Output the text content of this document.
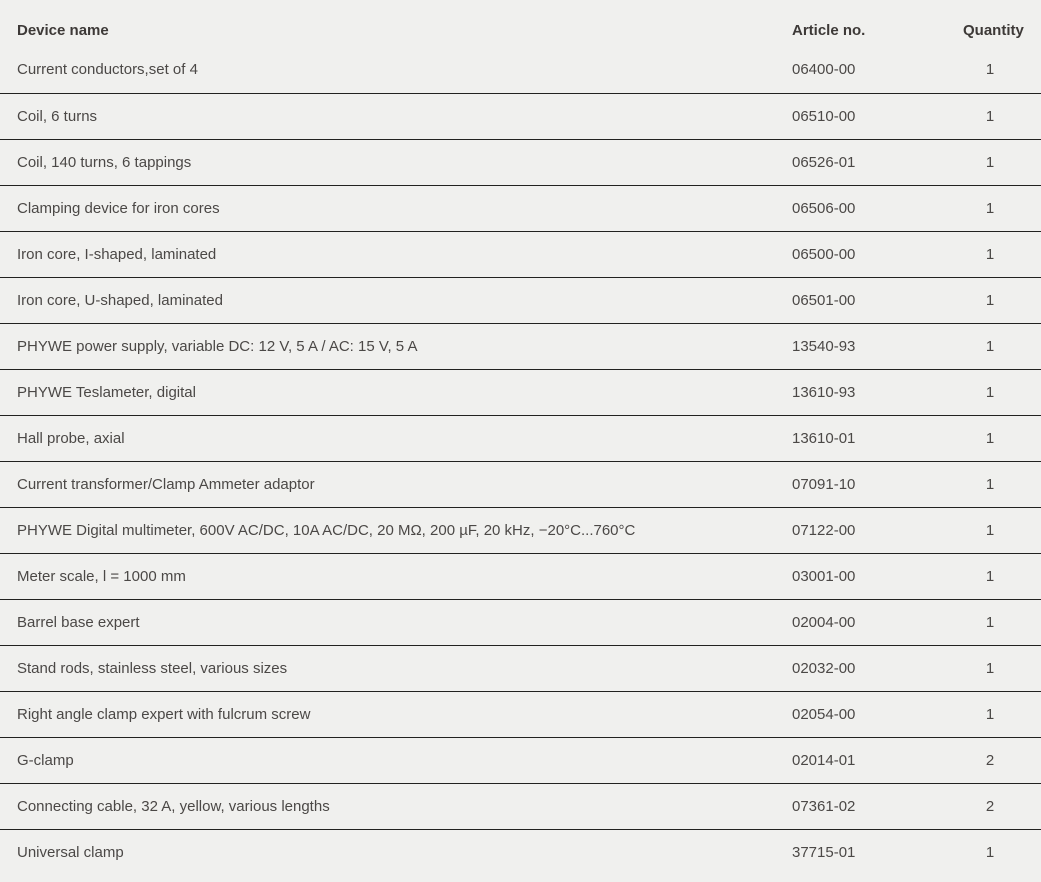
Device name	Article no.	Quantity
Current conductors,set of 4	06400-00	1
Coil, 6 turns	06510-00	1
Coil, 140 turns, 6 tappings	06526-01	1
Clamping device for iron cores	06506-00	1
Iron core, I-shaped, laminated	06500-00	1
Iron core, U-shaped, laminated	06501-00	1
PHYWE power supply, variable DC: 12 V, 5 A / AC: 15 V, 5 A	13540-93	1
PHYWE Teslameter, digital	13610-93	1
Hall probe, axial	13610-01	1
Current transformer/Clamp Ammeter adaptor	07091-10	1
PHYWE Digital multimeter, 600V AC/DC, 10A AC/DC, 20 MΩ, 200 µF, 20 kHz, −20°C...760°C	07122-00	1
Meter scale, l = 1000 mm	03001-00	1
Barrel base expert	02004-00	1
Stand rods, stainless steel, various sizes	02032-00	1
Right angle clamp expert with fulcrum screw	02054-00	1
G-clamp	02014-01	2
Connecting cable, 32 A, yellow, various lengths	07361-02	2
Universal clamp	37715-01	1
